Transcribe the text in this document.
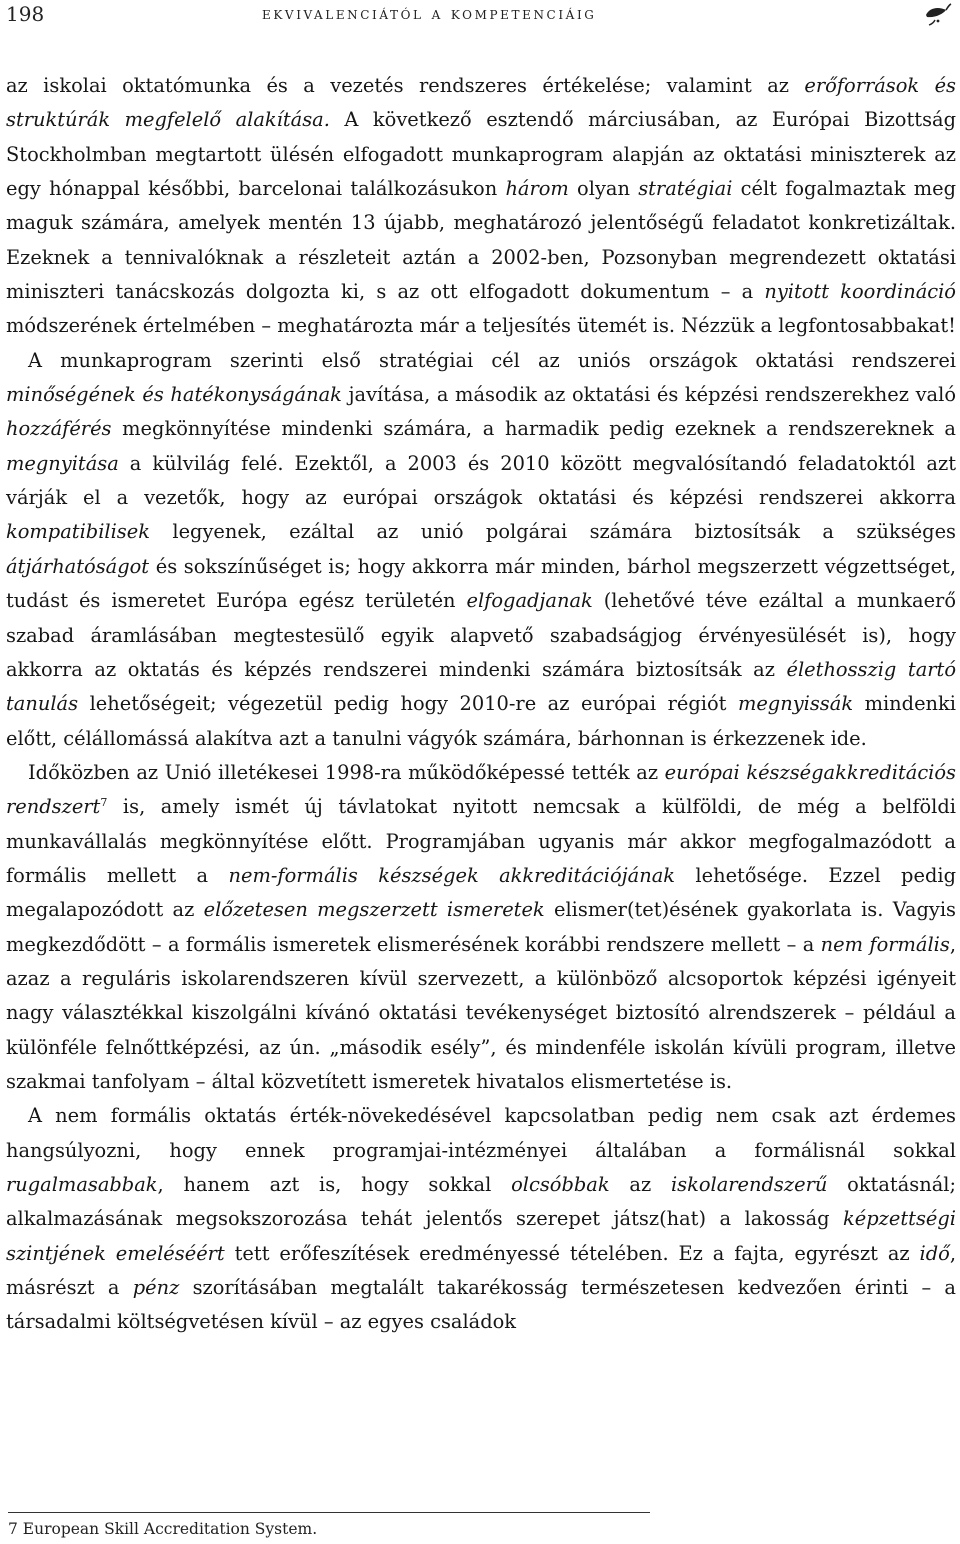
198	ekvivalenciától a kompetenciáig

az iskolai oktatómunka és a vezetés rendszeres értékelése; valamint az erőforrások és struktúrák megfelelő alakítása. A következő esztendő márciusában, az Európai Bizottság Stockholmban megtartott ülésén elfogadott munkaprogram alapján az oktatási miniszterek az egy hónappal későbbi, barcelonai találkozásukon három olyan stratégiai célt fogalmaztak meg maguk számára, amelyek mentén 13 újabb, meghatározó jelentőségű feladatot konkretizáltak. Ezeknek a tennivalóknak a részleteit aztán a 2002-ben, Pozsonyban megrendezett oktatási miniszteri tanácskozás dolgozta ki, s az ott elfogadott dokumentum – a nyitott koordináció módszerének értelmében – meghatározta már a teljesítés ütemét is. Nézzük a legfontosabbakat!

A munkaprogram szerinti első stratégiai cél az uniós országok oktatási rendszerei minőségének és hatékonyságának javítása, a második az oktatási és képzési rendszerekhez való hozzáférés megkönnyítése mindenki számára, a harmadik pedig ezeknek a rendszereknek a megnyitása a külvilág felé. Ezektől, a 2003 és 2010 között megvalósítandó feladatoktól azt várják el a vezetők, hogy az európai országok oktatási és képzési rendszerei akkorra kompatibilisek legyenek, ezáltal az unió polgárai számára biztosítsák a szükséges átjárhatóságot és sokszínűséget is; hogy akkorra már minden, bárhol megszerzett végzettséget, tudást és ismeretet Európa egész területén elfogadjanak (lehetővé téve ezáltal a munkaerő szabad áramlásában megtestesülő egyik alapvető szabadságjog érvényesülését is), hogy akkorra az oktatás és képzés rendszerei mindenki számára biztosítsák az élethosszig tartó tanulás lehetőségeit; végezetül pedig hogy 2010-re az európai régiót megnyissák mindenki előtt, célállomássá alakítva azt a tanulni vágyók számára, bárhonnan is érkezzenek ide.

Időközben az Unió illetékesei 1998-ra működőképessé tették az európai készségakkreditációs rendszert$^7$ is, amely ismét új távlatokat nyitott nemcsak a külföldi, de még a belföldi munkavállalás megkönnyítése előtt. Programjában ugyanis már akkor megfogalmazódott a formális mellett a nem-formális készségek akkreditációjának lehetősége. Ezzel pedig megalapozódott az előzetesen megszerzett ismeretek elismer(tet)ésének gyakorlata is. Vagyis megkezdődött – a formális ismeretek elismerésének korábbi rendszere mellett – a nem formális, azaz a reguláris iskolarendszeren kívül szervezett, a különböző alcsoportok képzési igényeit nagy választékkal kiszolgálni kívánó oktatási tevékenységet biztosító alrendszerek – például a különféle felnőttképzési, az ún. „második esély”, és mindenféle iskolán kívüli program, illetve szakmai tanfolyam – által közvetített ismeretek hivatalos elismertetése is.

A nem formális oktatás érték-növekedésével kapcsolatban pedig nem csak azt érdemes hangsúlyozni, hogy ennek programjai-intézményei általában a formálisnál sokkal rugalmasabbak, hanem azt is, hogy sokkal olcsóbbak az iskolarendszerű oktatásnál; alkalmazásának megsokszorozása tehát jelentős szerepet játsz(hat) a lakosság képzettségi szintjének emeléséért tett erőfeszítések eredményessé tételében. Ez a fajta, egyrészt az idő, másrészt a pénz szorításában megtalált takarékosság természetesen kedvezően érinti – a társadalmi költségvetésen kívül – az egyes családok

7 European Skill Accreditation System.
